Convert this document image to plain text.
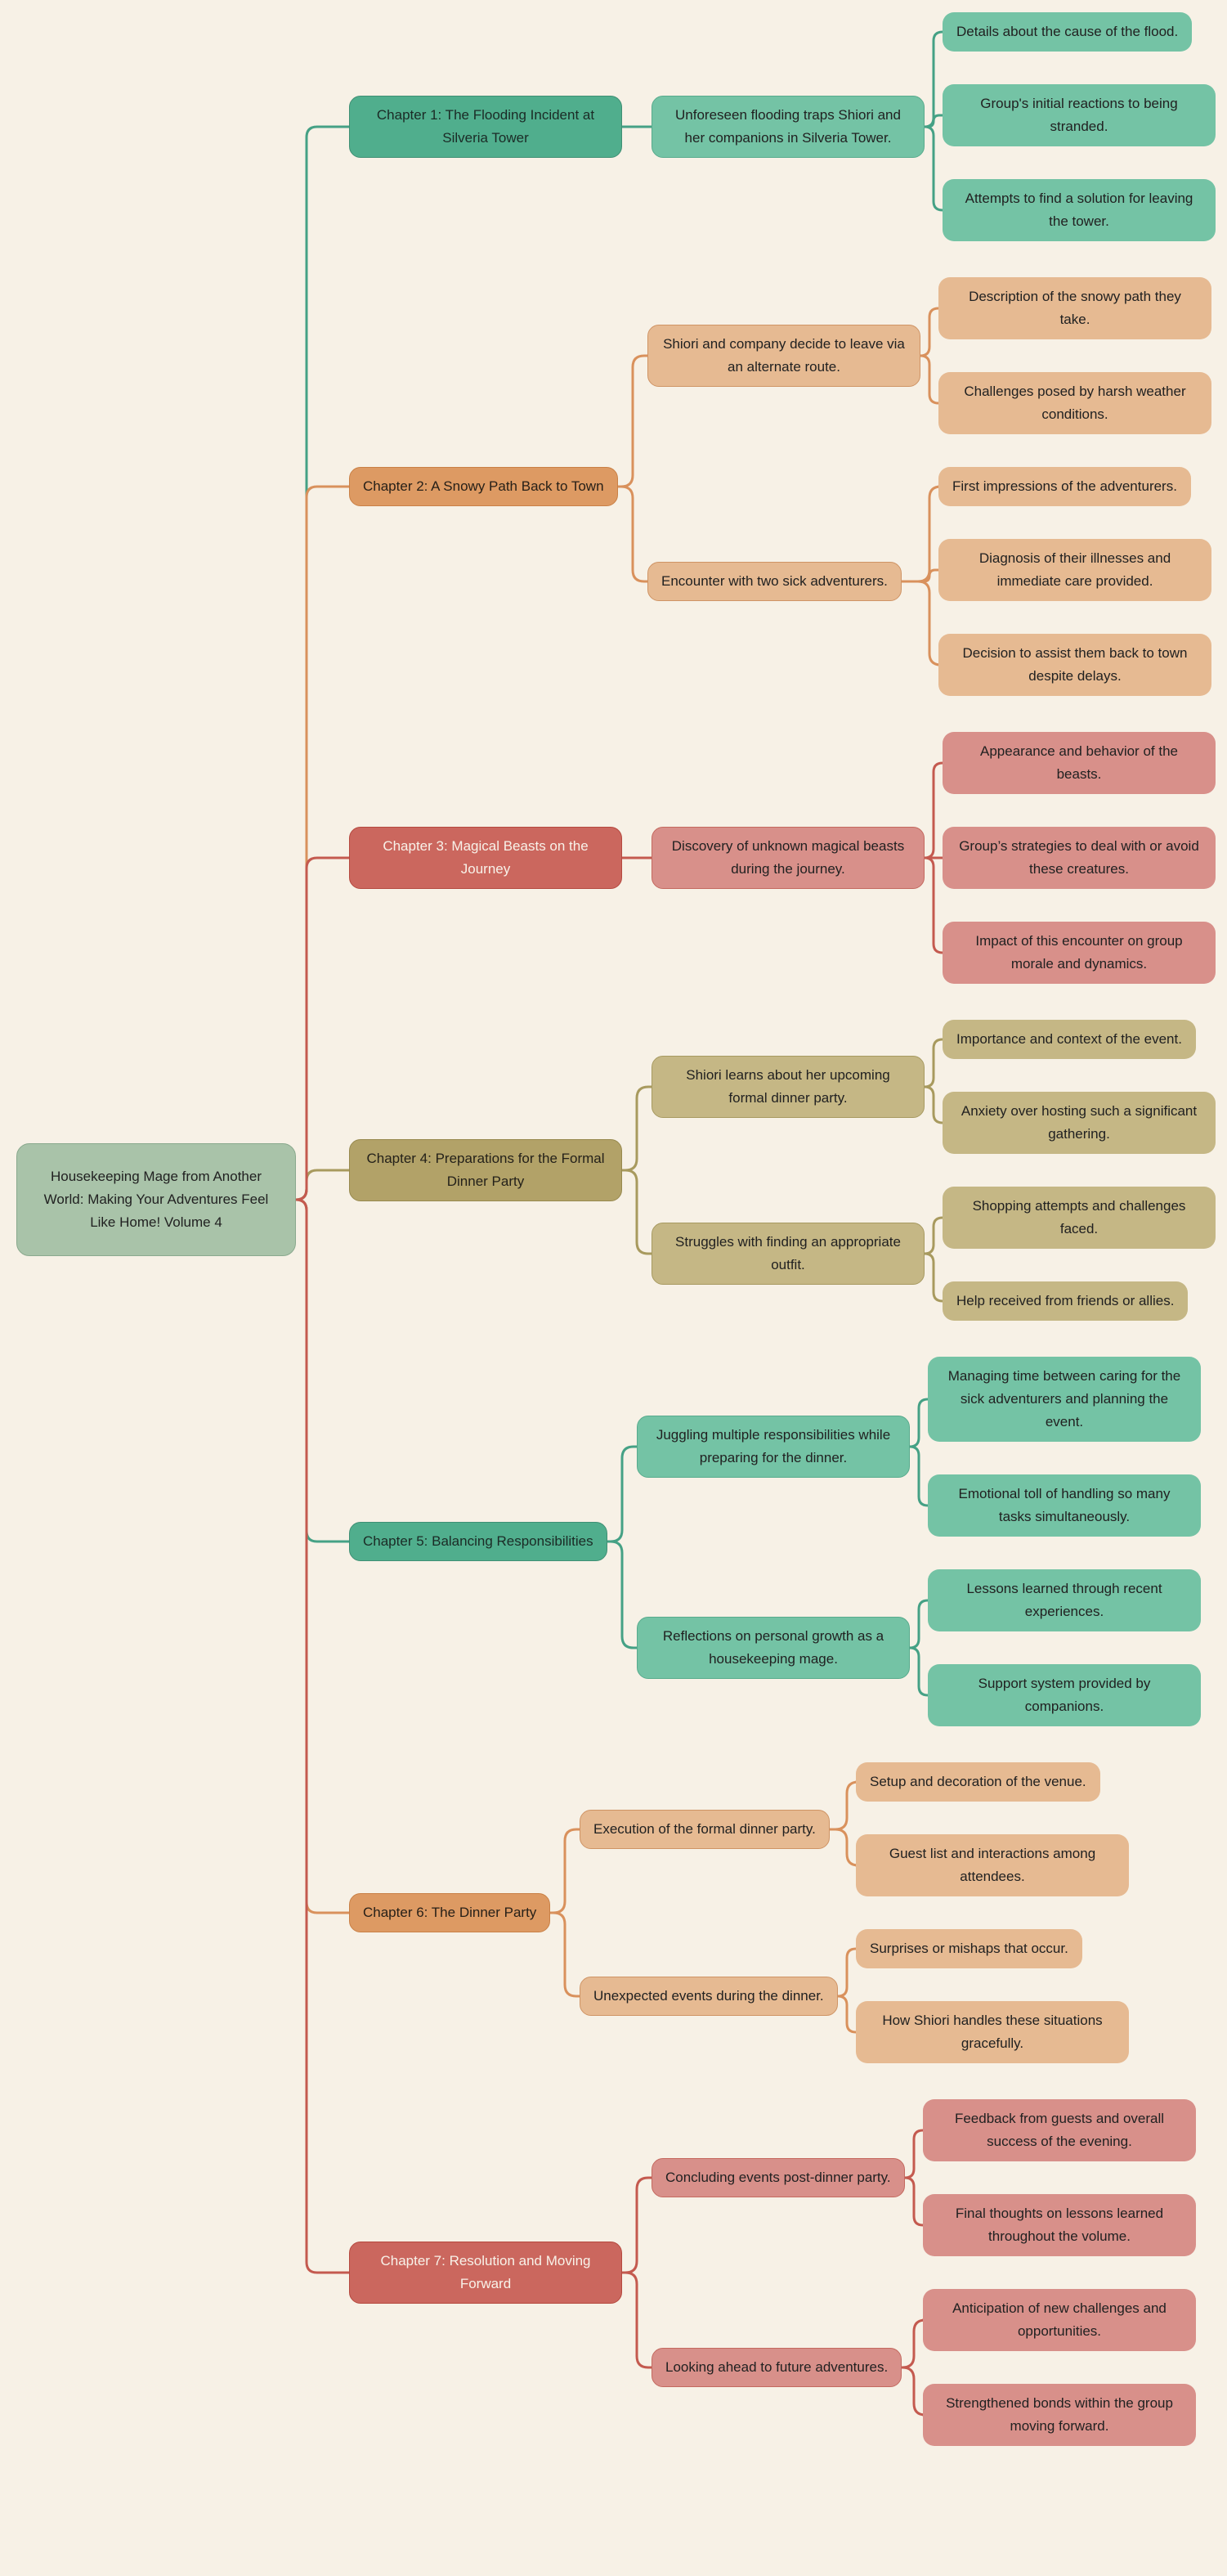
Housekeeping Mage from Another World: Making Your Adventures Feel Like Home! Volume 4
Chapter 1: The Flooding Incident at Silveria Tower
Unforeseen flooding traps Shiori and her companions in Silveria Tower.
Details about the cause of the flood.
Group's initial reactions to being stranded.
Attempts to find a solution for leaving the tower.
Chapter 2: A Snowy Path Back to Town
Shiori and company decide to leave via an alternate route.
Description of the snowy path they take.
Challenges posed by harsh weather conditions.
Encounter with two sick adventurers.
First impressions of the adventurers.
Diagnosis of their illnesses and immediate care provided.
Decision to assist them back to town despite delays.
Chapter 3: Magical Beasts on the Journey
Discovery of unknown magical beasts during the journey.
Appearance and behavior of the beasts.
Group’s strategies to deal with or avoid these creatures.
Impact of this encounter on group morale and dynamics.
Chapter 4: Preparations for the Formal Dinner Party
Shiori learns about her upcoming formal dinner party.
Importance and context of the event.
Anxiety over hosting such a significant gathering.
Struggles with finding an appropriate outfit.
Shopping attempts and challenges faced.
Help received from friends or allies.
Chapter 5: Balancing Responsibilities
Juggling multiple responsibilities while preparing for the dinner.
Managing time between caring for the sick adventurers and planning the event.
Emotional toll of handling so many tasks simultaneously.
Reflections on personal growth as a housekeeping mage.
Lessons learned through recent experiences.
Support system provided by companions.
Chapter 6: The Dinner Party
Execution of the formal dinner party.
Setup and decoration of the venue.
Guest list and interactions among attendees.
Unexpected events during the dinner.
Surprises or mishaps that occur.
How Shiori handles these situations gracefully.
Chapter 7: Resolution and Moving Forward
Concluding events post-dinner party.
Feedback from guests and overall success of the evening.
Final thoughts on lessons learned throughout the volume.
Looking ahead to future adventures.
Anticipation of new challenges and opportunities.
Strengthened bonds within the group moving forward.
